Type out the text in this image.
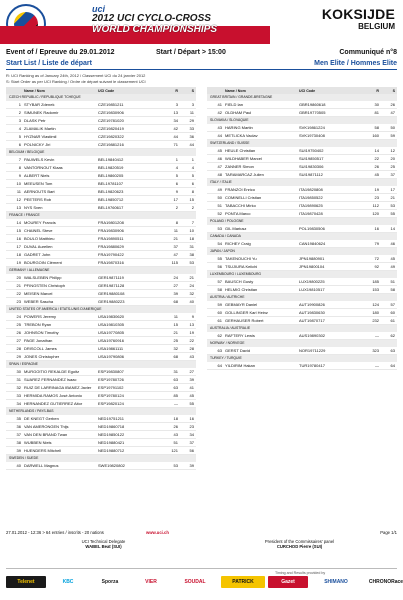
uci
2012 UCI CYCLO-CROSS
WORLD CHAMPIONSHIPS
KOKSIJDE
BELGIUM
Event of / Epreuve du 29.01.2012	Start / Départ > 15:00	Communiqué n°8
Start List / Liste de départ	Men Elite / Hommes Elite
R: UCI Ranking as of January 24th, 2012 / Classement UCI du 24 janvier 2012
S: Start Order as per UCI Ranking / Ordre de départ suivant le classement UCI
Name / Nom	UCI Code	R	S
CZECH REPUBLIC / REPUBLIQUE TCHEQUE
1 STYBAR Zdenek	CZE19851211	3	3
2 SIMUNEK Radomir	CZE19830906	13	11
3 DLASK Petr	CZE19781020	34	29
4 ZLAMALIK Martin	CZE19820419	42	33
5 HYZNAR Vlastimil	CZE19820322	44	36
6 POLNICKY Jiri	CZE19881216	71	44
BELGIUM / BELGIQUE
7 PAUWELS Kevin	BEL19840412	1	1
8 VANTORNOUT Klaas	BEL19820519	4	4
9 ALBERT Niels	BEL19860205	5	5
10 MEEUSEN Tom	BEL19781107	6	6
11 AERNOUTS Bart	BEL19820623	9	8
12 PEETERS Rob	BEL19850712	17	15
13 NYS Sven	BEL19760617	2	2
FRANCE / FRANCE
14 MOUREY Francis	FRA19801208	8	7
15 CHAINEL Steve	FRA19830906	11	10
16 BOULO Matthieu	FRA19890511	21	18
17 DUVAL Aurelien	FRA19880629	37	31
18 GADRET John	FRA19790422	47	38
19 BOURGOIN Clément	FRA19870316	115	53
GERMANY / ALLEMAGNE
20 WALSLEBEN Philipp	GER19871119	24	21
21 PFINGSTEN Christoph	GER19871128	27	24
22 MEISEN Marcel	GER19880108	39	32
23 WEBER Sascha	GER19880223	68	40
UNITED STATES OF AMERICA / ETATS-UNIS D'AMERIQUE
24 POWERS Jeremy	USA19830620	11	9
25 TREBON Ryan	USA19810305	15	13
26 JOHNSON Timothy	USA19770805	21	19
27 PAGE Jonathan	USA19760916	25	22
28 DRISCOLL James	USA19861111	32	28
29 JONES Christopher	USA19790806	68	43
SPAIN / ESPAGNE
30 MURGOITIO REKALDE Egoitz	ESP19830807	31	27
31 SUAREZ FERNANDEZ Isaac	ESP19780726	63	39
32 RUIZ DE LARRINAGA IBANEZ Javier	ESP19791102	63	41
33 HERMIDA RAMOS José Antonio	ESP19780124	85	45
34 HERNANDEZ GUTIERREZ Aitor	ESP19820124	—	55
NETHERLANDS / PAYS-BAS
35 DE KNEGT Gerben	NED19751211	18	16
36 VAN AMERONGEN Thijs	NED19860718	26	23
37 VAN DEN BRAND Twan	NED19850122	43	34
38 WUBBEN Niels	NED19880421	51	37
39 HUENDERS Mitchell	NED19880712	121	56
SWEDEN / SUEDE
40 DARWELL Magnus	SWE19820802	53	39
Name / Nom	UCI Code	R	S
GREAT BRITAIN / GRANDE-BRETAGNE
41 FIELD Ian	GBR19860618	30	26
42 OLDHAM Paul	GBR19770505	81	47
SLOVAKIA / SLOVAQUIE
43 HARING Martin	SVK19861224	58	50
44 METLICKA Vaclav	SVK19730408	160	59
SWITZERLAND / SUISSE
45 HEULE Christian	SUI19750402	14	12
46 WILDHABER Marcel	SUI19850517	22	20
47 ZANNER Simon	SUI19830306	26	25
48 TARAMARCAZ Julien	SUI19871112	45	37
ITALY / ITALIE
49 FRANZOI Enrico	ITA19820808	19	17
50 COMINELLI Cristian	ITA19850522	23	21
51 TABACCHI Mirko	ITA19890625	112	53
52 PONTA Marco	ITA19870428	120	55
POLAND / POLOGNE
53 GIL Mariusz	POL19830506	16	14
CANADA / CANADA
54 RICHEY Craig	CAN19840624	79	46
JAPAN / JAPON
55 TAKENOUCHI Yu	JPN19880901	72	45
56 TSUJIURA Keiichi	JPN19800104	92	49
LUXEMBOURG / LUXEMBOURG
57 BAUSCH Gusty	LUX19800225	185	51
58 HELMIG Christian	LUX19810517	153	58
AUSTRIA / AUTRICHE
59 GEBMAYR Daniel	AUT19900826	124	57
60 GOLLINGER Karl Heinz	AUT19830630	180	60
61 GERHAUSER Robert	AUT19870717	232	61
AUSTRALIA / AUSTRALIE
62 RAFTERY Lewis	AUS19890302	—	62
NORWAY / NORVEGE
63 GERST David	NOR19711229	323	63
TURKEY / TURQUIE
64 YILDIRIM Hakan	TUR19780417	—	64
27.01.2012 - 12:36 > 64 entries / inscrits - 20 nations	www.uci.ch	Page 1/1
UCI Technical Delegate
WABEL Beat (SUI)
President of the Commissaires' panel
CURCHOD Pierre (SUI)
Timing and Results provided by
Telenet	KBC	Sporza	VIER	SOUDAL	PATRICK	Gazet	SHIMANO	CHRONORace
